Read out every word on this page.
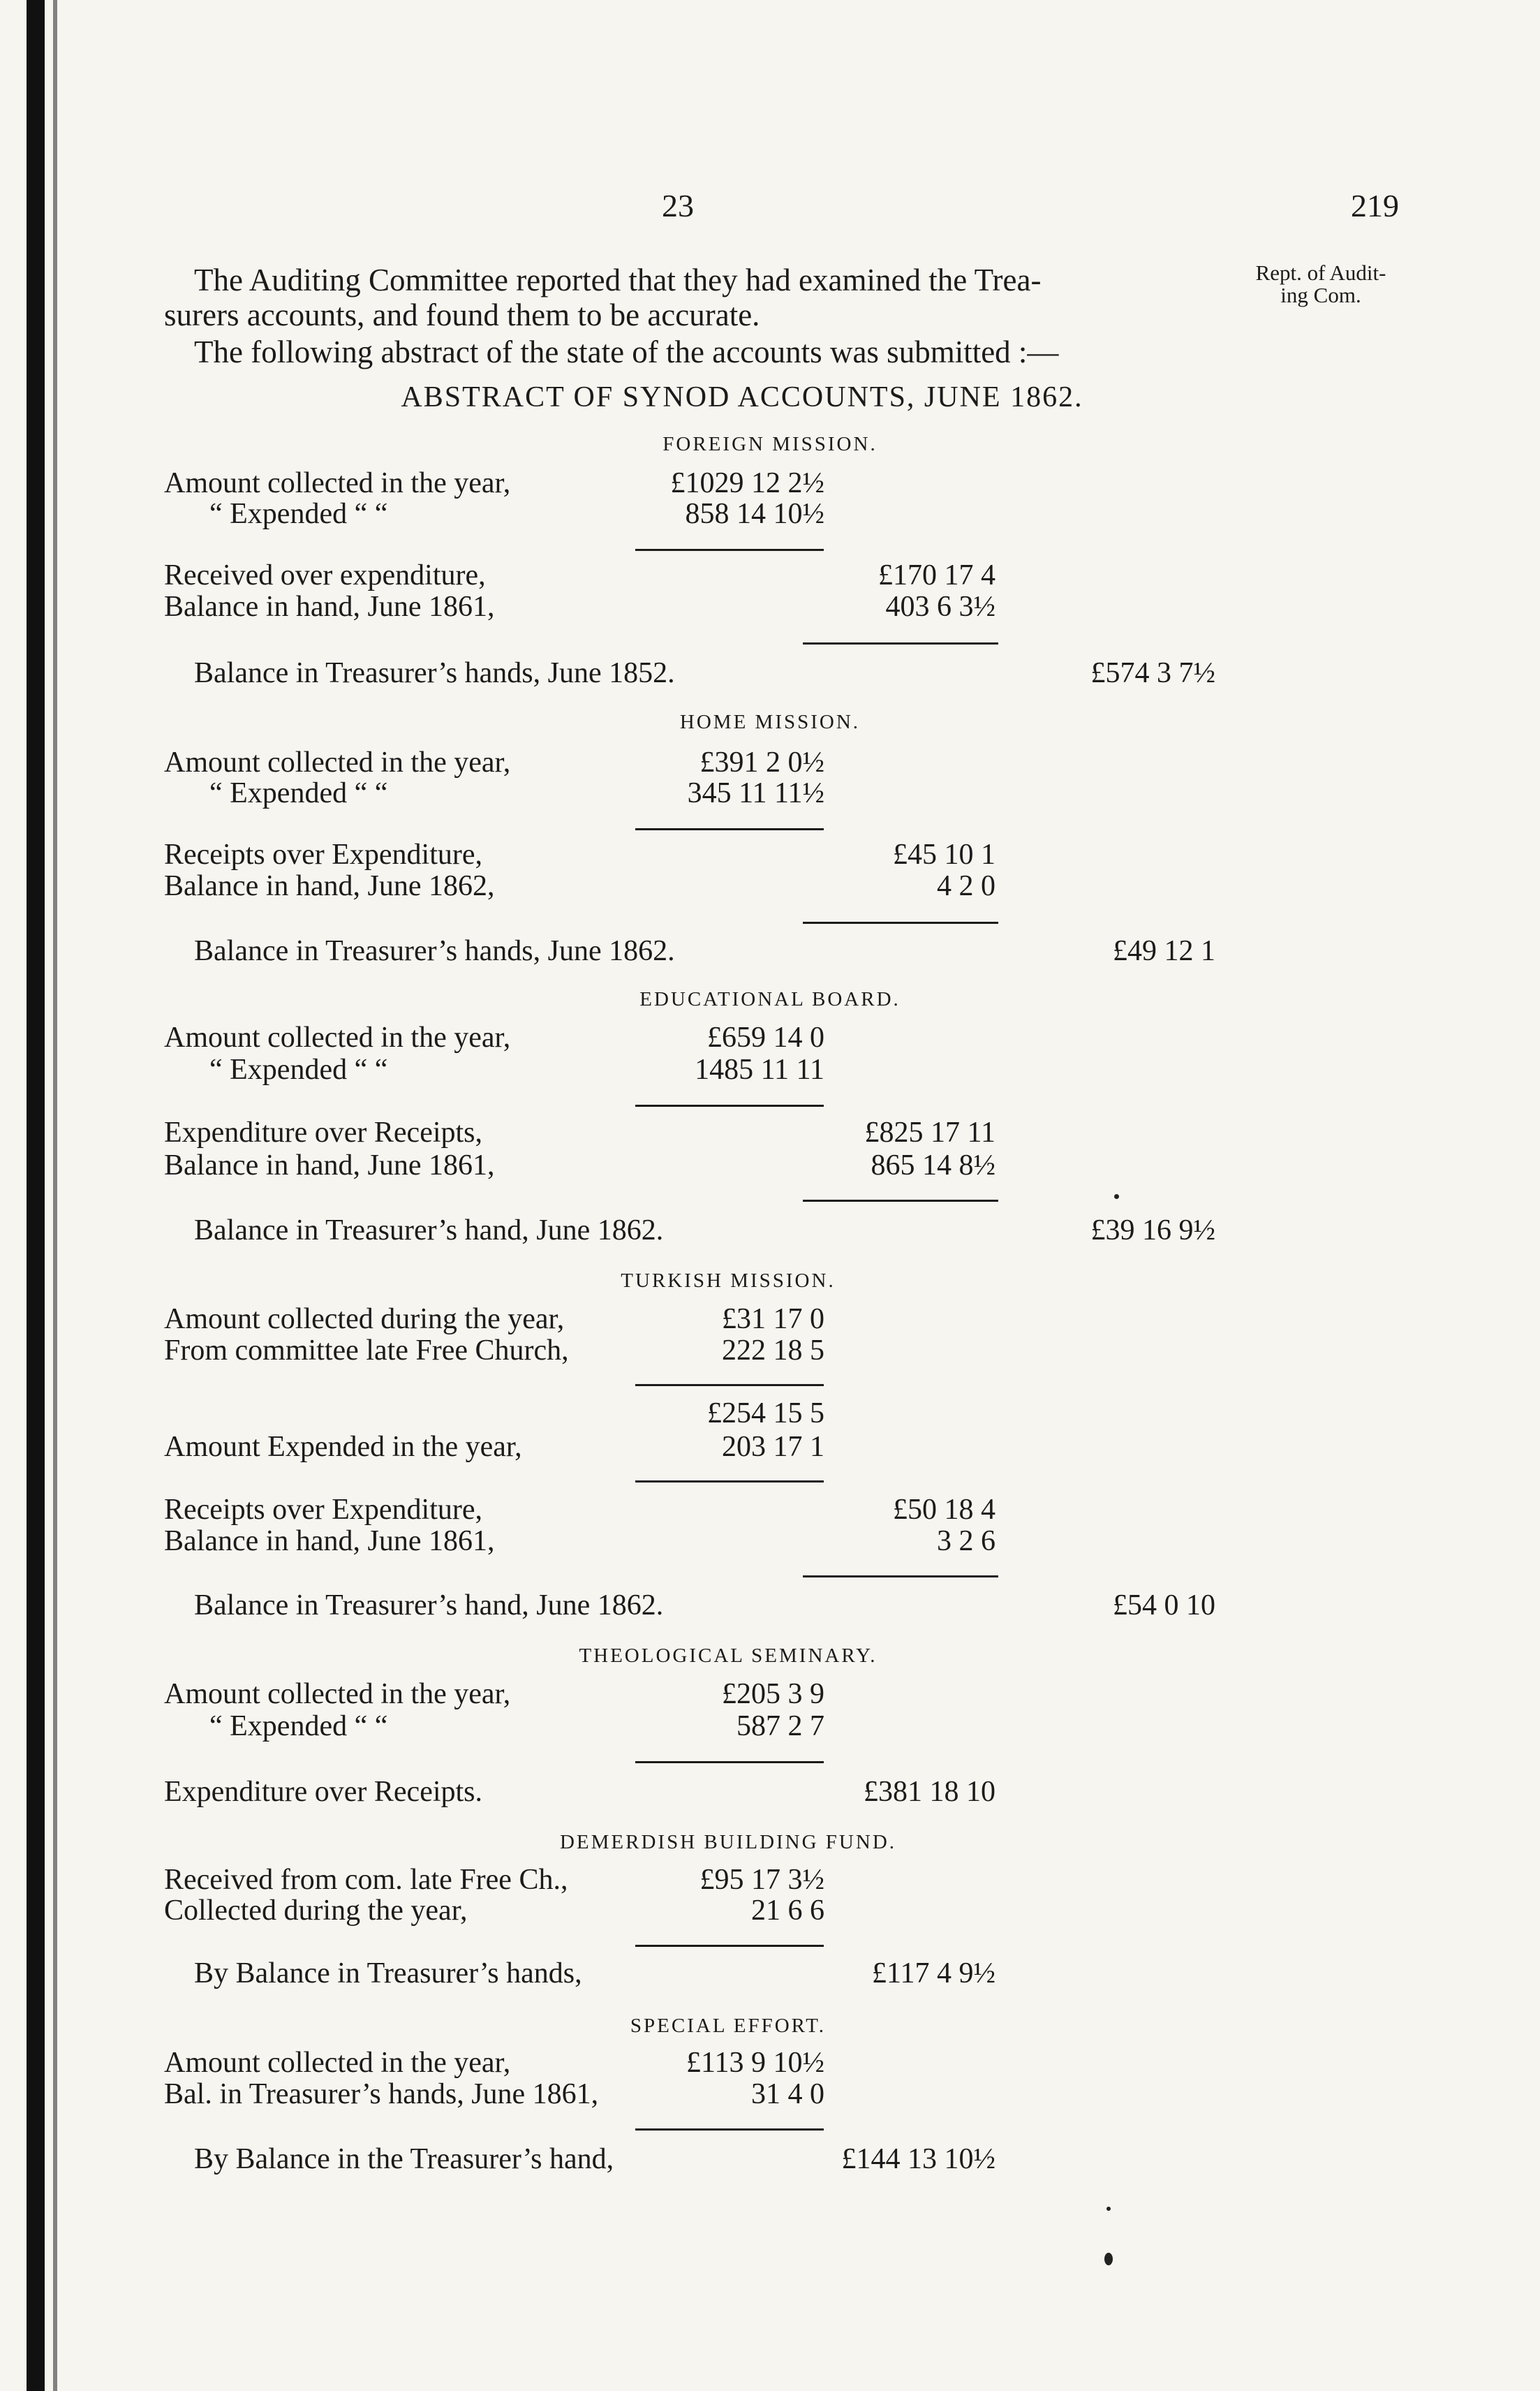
23	219
The Auditing Committee reported that they had examined the Trea-
surers accounts, and found them to be accurate.
The following abstract of the state of the accounts was submitted :—
Rept. of Audit-
ing Com.
ABSTRACT OF SYNOD ACCOUNTS, JUNE 1862.
FOREIGN MISSION.
Amount collected in the year,	£1029 12 2½
“ Expended “ “	858 14 10½
Received over expenditure,	£170 17 4
Balance in hand, June 1861,	403 6 3½
Balance in Treasurer’s hands, June 1852.	£574 3 7½
HOME MISSION.
Amount collected in the year,	£391 2 0½
“ Expended “ “	345 11 11½
Receipts over Expenditure,	£45 10 1
Balance in hand, June 1862,	4 2 0
Balance in Treasurer’s hands, June 1862.	£49 12 1
EDUCATIONAL BOARD.
Amount collected in the year,	£659 14 0
“ Expended “ “	1485 11 11
Expenditure over Receipts,	£825 17 11
Balance in hand, June 1861,	865 14 8½
Balance in Treasurer’s hand, June 1862.	£39 16 9½
TURKISH MISSION.
Amount collected during the year,	£31 17 0
From committee late Free Church,	222 18 5
£254 15 5
Amount Expended in the year,	203 17 1
Receipts over Expenditure,	£50 18 4
Balance in hand, June 1861,	3 2 6
Balance in Treasurer’s hand, June 1862.	£54 0 10
THEOLOGICAL SEMINARY.
Amount collected in the year,	£205 3 9
“ Expended “ “	587 2 7
Expenditure over Receipts.	£381 18 10
DEMERDISH BUILDING FUND.
Received from com. late Free Ch.,	£95 17 3½
Collected during the year,	21 6 6
By Balance in Treasurer’s hands,	£117 4 9½
SPECIAL EFFORT.
Amount collected in the year,	£113 9 10½
Bal. in Treasurer’s hands, June 1861,	31 4 0
By Balance in the Treasurer’s hand,	£144 13 10½
